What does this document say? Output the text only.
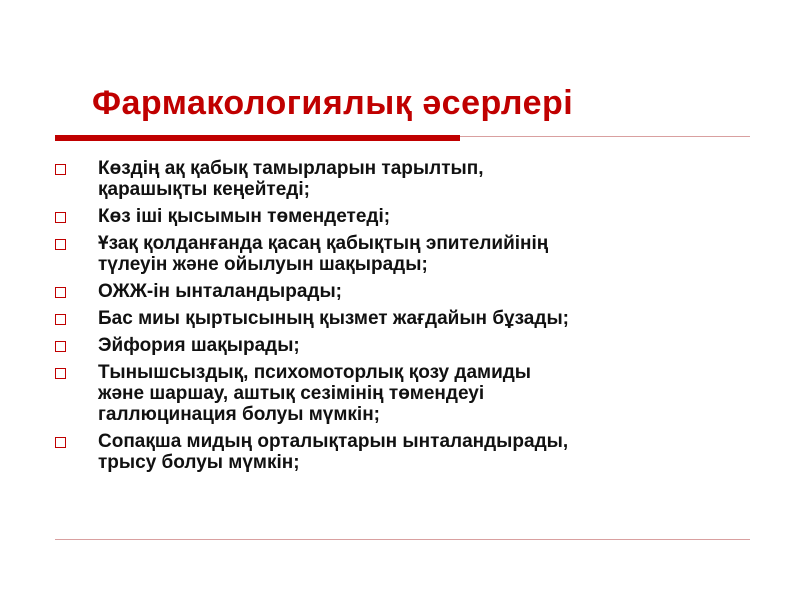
Фармакологиялық әсерлері
Көздің ақ қабық тамырларын тарылтып,
қарашықты кеңейтеді;
Көз іші қысымын төмендетеді;
Ұзақ қолданғанда қасаң қабықтың эпителийінің
түлеуін және ойылуын шақырады;
ОЖЖ-ін ынталандырады;
Бас миы қыртысының қызмет жағдайын бұзады;
Эйфория шақырады;
Тынышсыздық, психомоторлық қозу дамиды
және шаршау, аштық сезімінің төмендеуі
галлюцинация болуы мүмкін;
Сопақша мидың орталықтарын ынталандырады,
трысу болуы мүмкін;
